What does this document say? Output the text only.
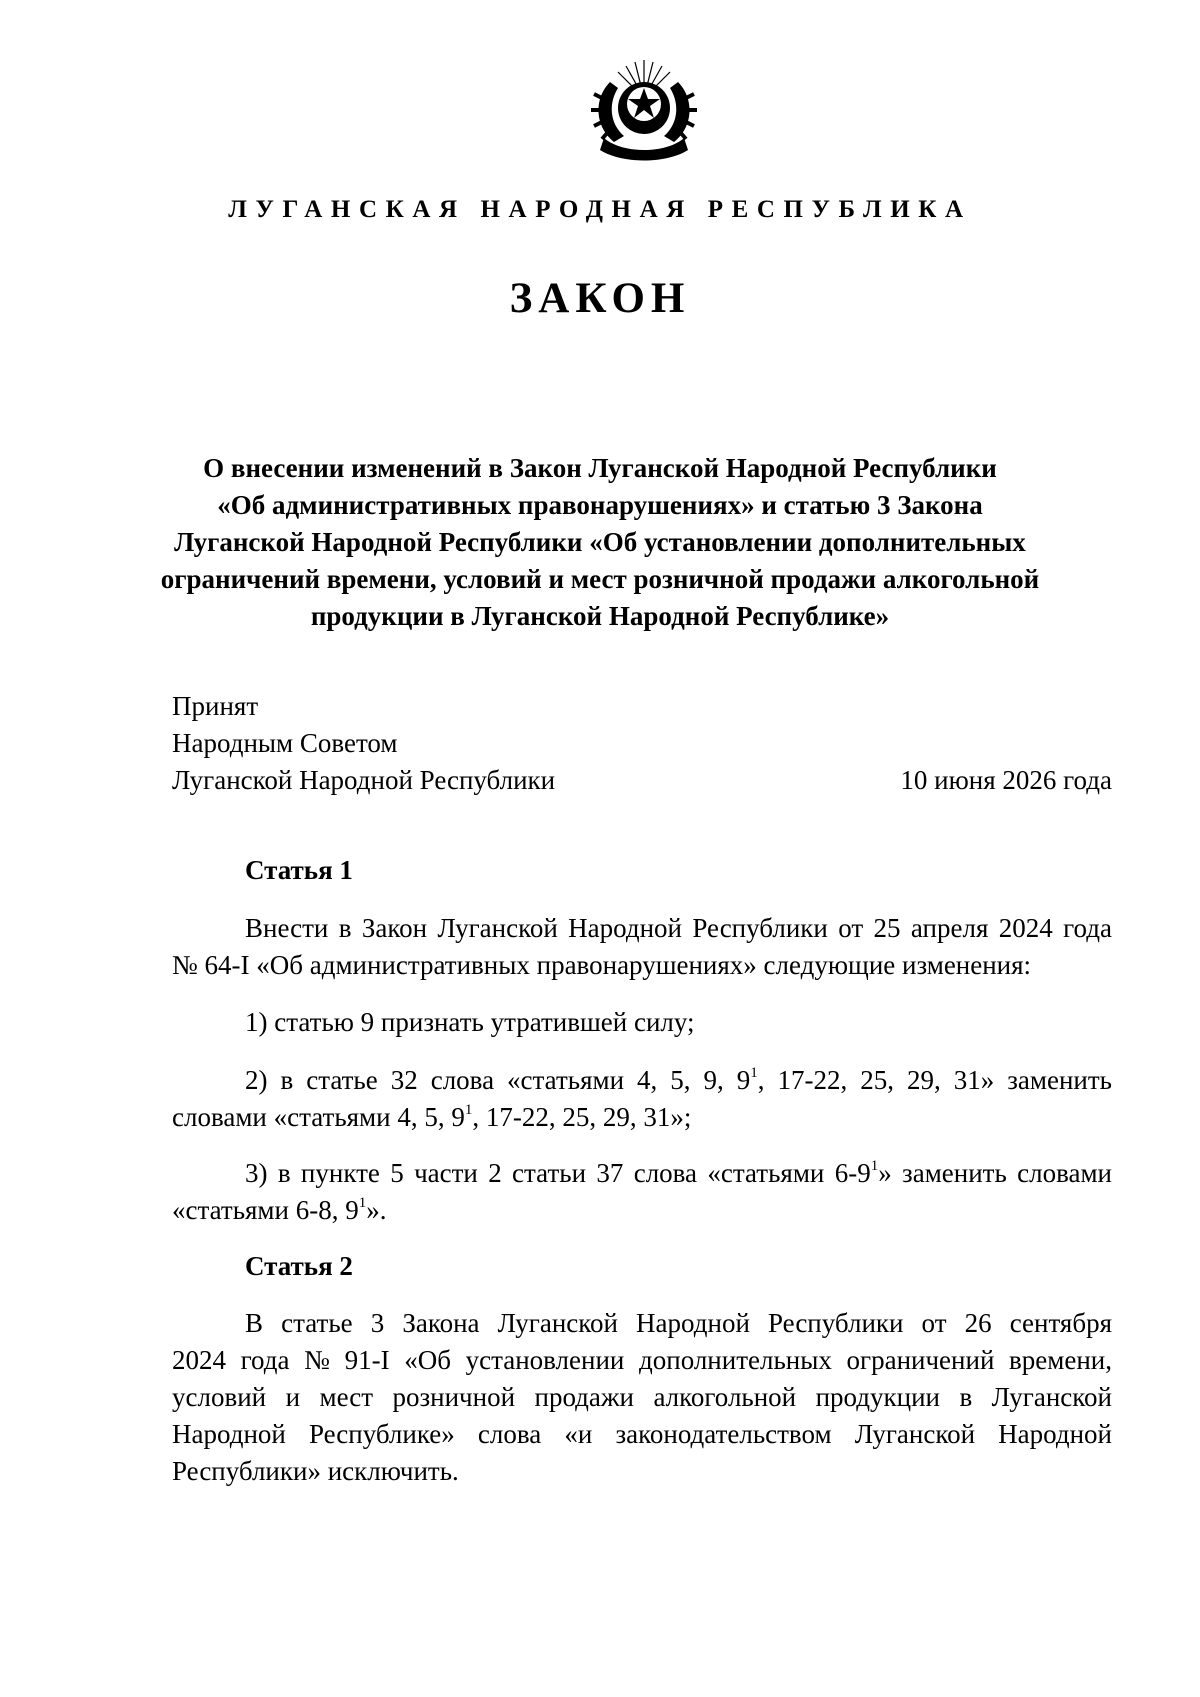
ЛУГАНСКАЯ НАРОДНАЯ РЕСПУБЛИКА
ЗАКОН
О внесении изменений в Закон Луганской Народной Республики
«Об административных правонарушениях» и статью 3 Закона
Луганской Народной Республики «Об установлении дополнительных
ограничений времени, условий и мест розничной продажи алкогольной
продукции в Луганской Народной Республике»
Принят
Народным Советом
Луганской Народной Республики	10 июня 2026 года
Статья 1
Внести в Закон Луганской Народной Республики от 25 апреля 2024 года
№ 64-І «Об административных правонарушениях» следующие изменения:
1) статью 9 признать утратившей силу;
2) в статье 32 слова «статьями 4, 5, 9, $9^1$, 17-22, 25, 29, 31» заменить
словами «статьями 4, 5, $9^1$, 17-22, 25, 29, 31»;
3) в пункте 5 части 2 статьи 37 слова «статьями $6-9^1$» заменить словами
«статьями 6-8, $9^1$».
Статья 2
В статье 3 Закона Луганской Народной Республики от 26 сентября
2024 года № 91-І «Об установлении дополнительных ограничений времени,
условий и мест розничной продажи алкогольной продукции в Луганской
Народной Республике» слова «и законодательством Луганской Народной
Республики» исключить.
